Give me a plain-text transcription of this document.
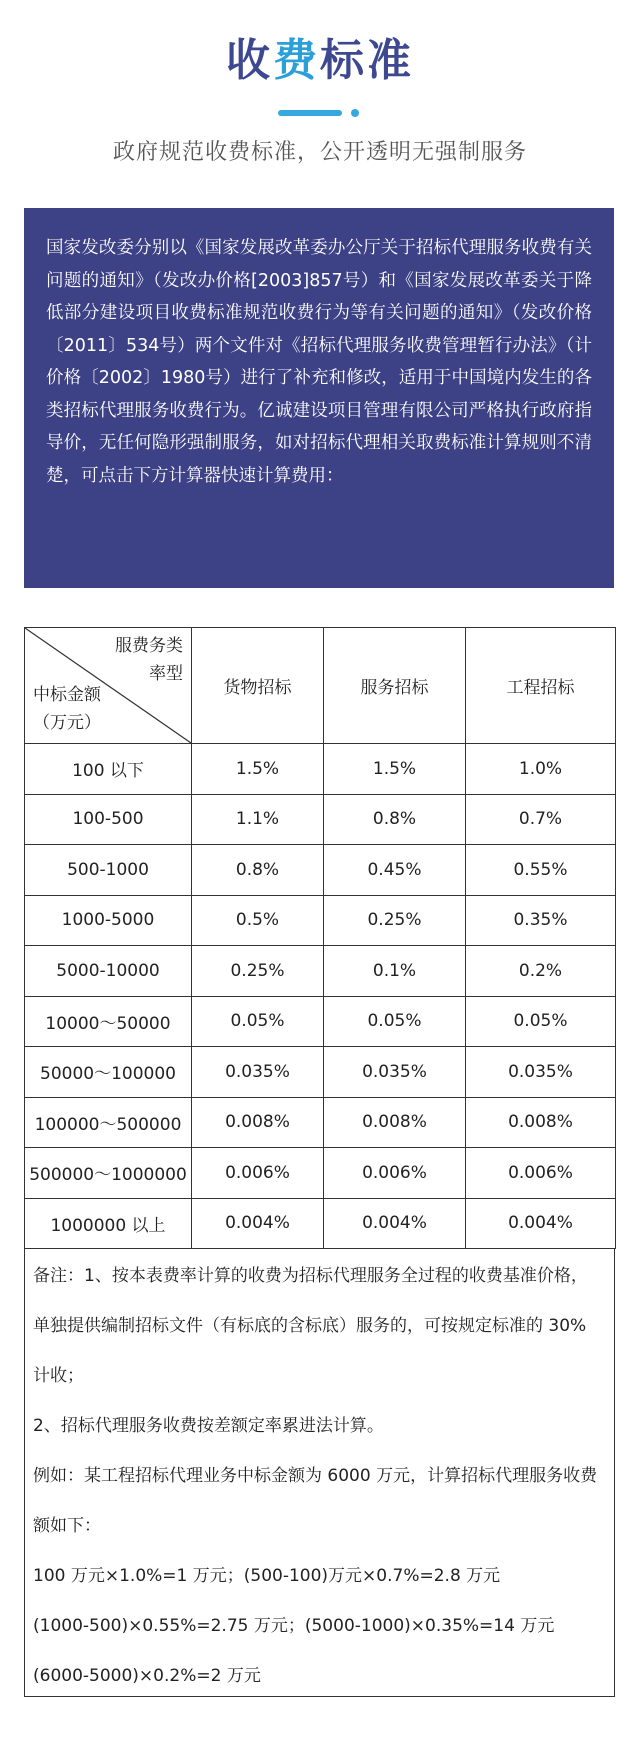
收费标准
政府规范收费标准，公开透明无强制服务
国家发改委分别以《国家发展改革委办公厅关于招标代理服务收费有关问题的通知》（发改办价格[2003]857号）和《国家发展改革委关于降低部分建设项目收费标准规范收费行为等有关问题的通知》（发改价格〔2011〕534号）两个文件对《招标代理服务收费管理暂行办法》（计价格〔2002〕1980号）进行了补充和修改，适用于中国境内发生的各类招标代理服务收费行为。亿诚建设项目管理有限公司严格执行政府指导价，无任何隐形强制服务，如对招标代理相关取费标准计算规则不清楚，可点击下方计算器快速计算费用：
服费务类
率型
中标金额
（万元）	货物招标	服务招标	工程招标
100 以下	1.5%	1.5%	1.0%
100-500	1.1%	0.8%	0.7%
500-1000	0.8%	0.45%	0.55%
1000-5000	0.5%	0.25%	0.35%
5000-10000	0.25%	0.1%	0.2%
10000～50000	0.05%	0.05%	0.05%
50000～100000	0.035%	0.035%	0.035%
100000～500000	0.008%	0.008%	0.008%
500000～1000000	0.006%	0.006%	0.006%
1000000 以上	0.004%	0.004%	0.004%

备注：1、按本表费率计算的收费为招标代理服务全过程的收费基准价格，

单独提供编制招标文件（有标底的含标底）服务的，可按规定标准的 30%

计收；

2、招标代理服务收费按差额定率累进法计算。

例如：某工程招标代理业务中标金额为 6000 万元，计算招标代理服务收费

额如下：

100 万元×1.0%=1 万元；(500-100)万元×0.7%=2.8 万元

(1000-500)×0.55%=2.75 万元；(5000-1000)×0.35%=14 万元

(6000-5000)×0.2%=2 万元
